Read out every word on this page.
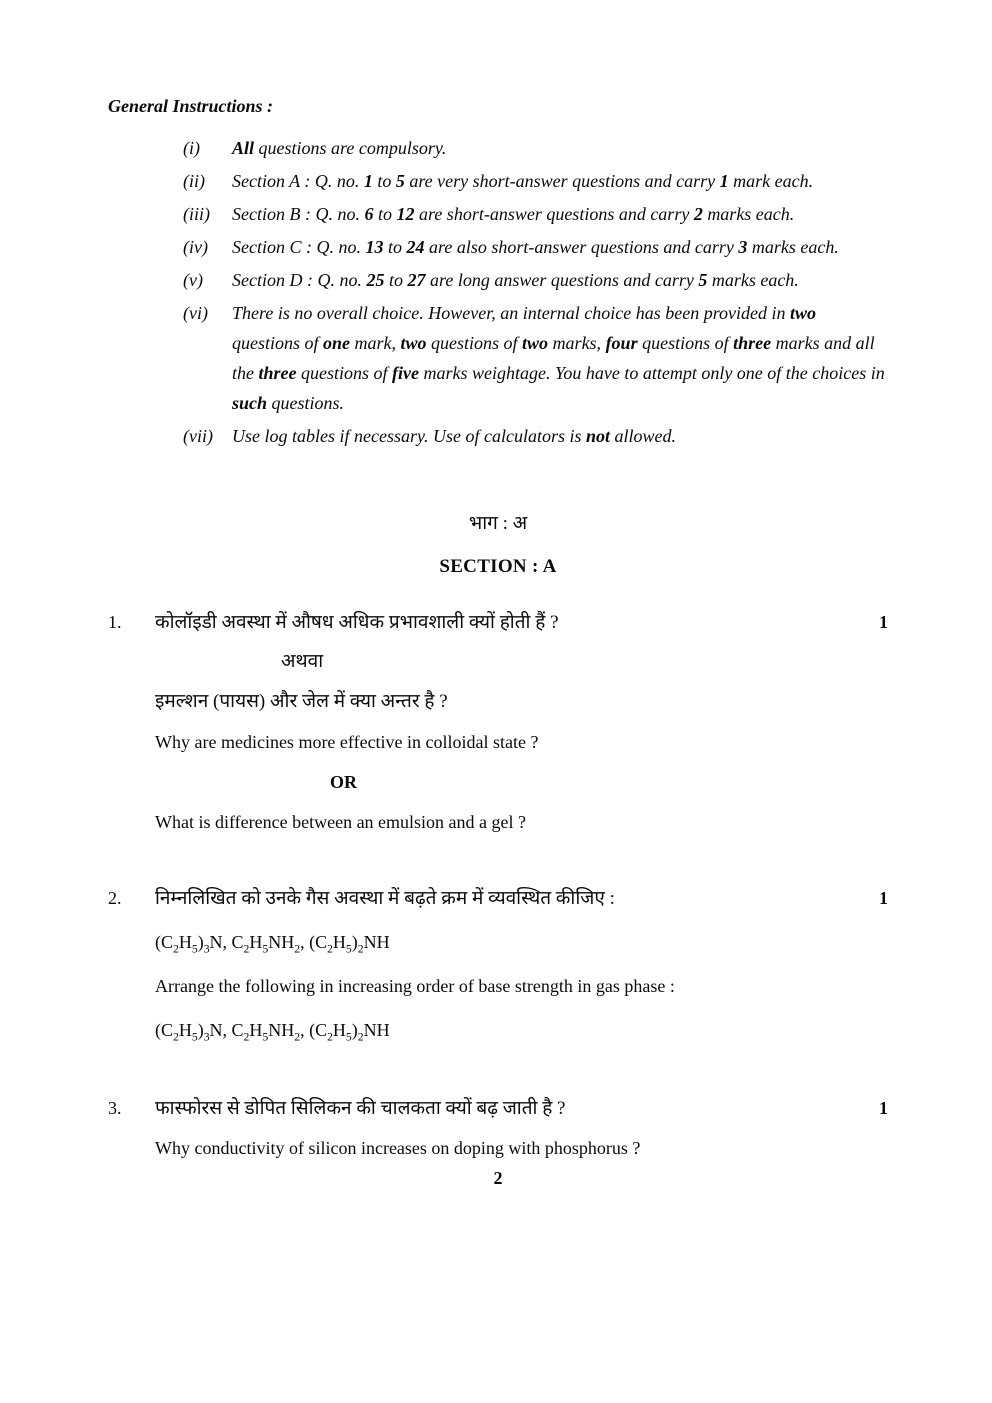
General Instructions :
(i)	All questions are compulsory.
(ii)	Section A : Q. no. 1 to 5 are very short-answer questions and carry 1 mark each.
(iii)	Section B : Q. no. 6 to 12 are short-answer questions and carry 2 marks each.
(iv)	Section C : Q. no. 13 to 24 are also short-answer questions and carry 3 marks each.
(v)	Section D : Q. no. 25 to 27 are long answer questions and carry 5 marks each.
(vi)	There is no overall choice. However, an internal choice has been provided in two questions of one mark, two questions of two marks, four questions of three marks and all the three questions of five marks weightage. You have to attempt only one of the choices in such questions.
(vii)	Use log tables if necessary. Use of calculators is not allowed.
भाग : अ
SECTION : A
1.	कोलॉइडी अवस्था में औषध अधिक प्रभावशाली क्यों होती हैं ?	1
अथवा
इमल्शन (पायस) और जेल में क्या अन्तर है ?
Why are medicines more effective in colloidal state ?
OR
What is difference between an emulsion and a gel ?
2.	निम्नलिखित को उनके गैस अवस्था में बढ़ते क्रम में व्यवस्थित कीजिए :	1
$(C_2H_5)_3N$, $C_2H_5NH_2$, $(C_2H_5)_2NH$
Arrange the following in increasing order of base strength in gas phase :
$(C_2H_5)_3N$, $C_2H_5NH_2$, $(C_2H_5)_2NH$
3.	फास्फोरस से डोपित सिलिकन की चालकता क्यों बढ़ जाती है ?	1
Why conductivity of silicon increases on doping with phosphorus ?
2
